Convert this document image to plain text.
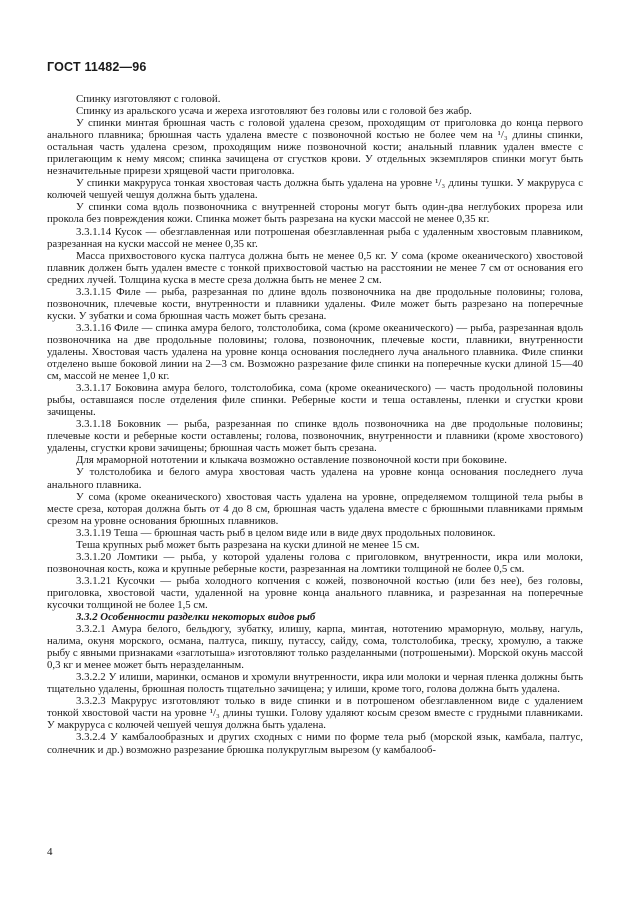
ГОСТ 11482—96

Спинку изготовляют с головой.

Спинку из аральского усача и жереха изготовляют без головы или с головой без жабр.

У спинки минтая брюшная часть с головой удалена срезом, проходящим от приголовка до конца первого анального плавника; брюшная часть удалена вместе с позвоночной костью не более чем на ¹/₃ длины спинки, остальная часть удалена срезом, проходящим ниже позвоночной кости; анальный плавник удален вместе с прилегающим к нему мясом; спинка зачищена от сгустков крови. У отдельных экземпляров спинки могут быть незначительные прирези хрящевой части приголовка.

У спинки макруруса тонкая хвостовая часть должна быть удалена на уровне ¹/₃ длины тушки. У макруруса с колючей чешуей чешуя должна быть удалена.

У спинки сома вдоль позвоночника с внутренней стороны могут быть один-два неглубоких прореза или прокола без повреждения кожи. Спинка может быть разрезана на куски массой не менее 0,35 кг.

3.3.1.14 Кусок — обезглавленная или потрошеная обезглавленная рыба с удаленным хвостовым плавником, разрезанная на куски массой не менее 0,35 кг.

Масса прихвостового куска палтуса должна быть не менее 0,5 кг. У сома (кроме океанического) хвостовой плавник должен быть удален вместе с тонкой прихвостовой частью на расстоянии не менее 7 см от основания его средних лучей. Толщина куска в месте среза должна быть не менее 2 см.

3.3.1.15 Филе — рыба, разрезанная по длине вдоль позвоночника на две продольные половины; голова, позвоночник, плечевые кости, внутренности и плавники удалены. Филе может быть разрезано на поперечные куски. У зубатки и сома брюшная часть может быть срезана.

3.3.1.16 Филе — спинка амура белого, толстолобика, сома (кроме океанического) — рыба, разрезанная вдоль позвоночника на две продольные половины; голова, позвоночник, плечевые кости, плавники, внутренности удалены. Хвостовая часть удалена на уровне конца основания последнего луча анального плавника. Филе спинки отделено выше боковой линии на 2—3 см. Возможно разрезание филе спинки на поперечные куски длиной 15—40 см, массой не менее 1,0 кг.

3.3.1.17 Боковина амура белого, толстолобика, сома (кроме океанического) — часть продольной половины рыбы, оставшаяся после отделения филе спинки. Реберные кости и теша оставлены, пленки и сгустки крови зачищены.

3.3.1.18 Боковник — рыба, разрезанная по спинке вдоль позвоночника на две продольные половины; плечевые кости и реберные кости оставлены; голова, позвоночник, внутренности и плавники (кроме хвостового) удалены, сгустки крови зачищены; брюшная часть может быть срезана.

Для мраморной нототении и клыкача возможно оставление позвоночной кости при боковине.

У толстолобика и белого амура хвостовая часть удалена на уровне конца основания последнего луча анального плавника.

У сома (кроме океанического) хвостовая часть удалена на уровне, определяемом толщиной тела рыбы в месте среза, которая должна быть от 4 до 8 см, брюшная часть удалена вместе с брюшными плавниками прямым срезом на уровне основания брюшных плавников.

3.3.1.19 Теша — брюшная часть рыб в целом виде или в виде двух продольных половинок.

Теша крупных рыб может быть разрезана на куски длиной не менее 15 см.

3.3.1.20 Ломтики — рыба, у которой удалены голова с приголовком, внутренности, икра или молоки, позвоночная кость, кожа и крупные реберные кости, разрезанная на ломтики толщиной не более 0,5 см.

3.3.1.21 Кусочки — рыба холодного копчения с кожей, позвоночной костью (или без нее), без головы, приголовка, хвостовой части, удаленной на уровне конца анального плавника, и разрезанная на поперечные кусочки толщиной не более 1,5 см.

3.3.2 Особенности разделки некоторых видов рыб

3.3.2.1 Амура белого, бельдюгу, зубатку, илишу, карпа, минтая, нототению мраморную, мольву, нагуль, налима, окуня морского, османа, палтуса, пикшу, путассу, сайду, сома, толстолобика, треску, хромулю, а также рыбу с явными признаками «заглотыша» изготовляют только разделанными (потрошеными). Морской окунь массой 0,3 кг и менее может быть неразделанным.

3.3.2.2 У илиши, маринки, османов и хромули внутренности, икра или молоки и черная пленка должны быть тщательно удалены, брюшная полость тщательно зачищена; у илиши, кроме того, голова должна быть удалена.

3.3.2.3 Макрурус изготовляют только в виде спинки и в потрошеном обезглавленном виде с удалением тонкой хвостовой части на уровне ¹/₃ длины тушки. Голову удаляют косым срезом вместе с грудными плавниками. У макруруса с колючей чешуей чешуя должна быть удалена.

3.3.2.4 У камбалообразных и других сходных с ними по форме тела рыб (морской язык, камбала, палтус, солнечник и др.) возможно разрезание брюшка полукруглым вырезом (у камбалооб-

4
